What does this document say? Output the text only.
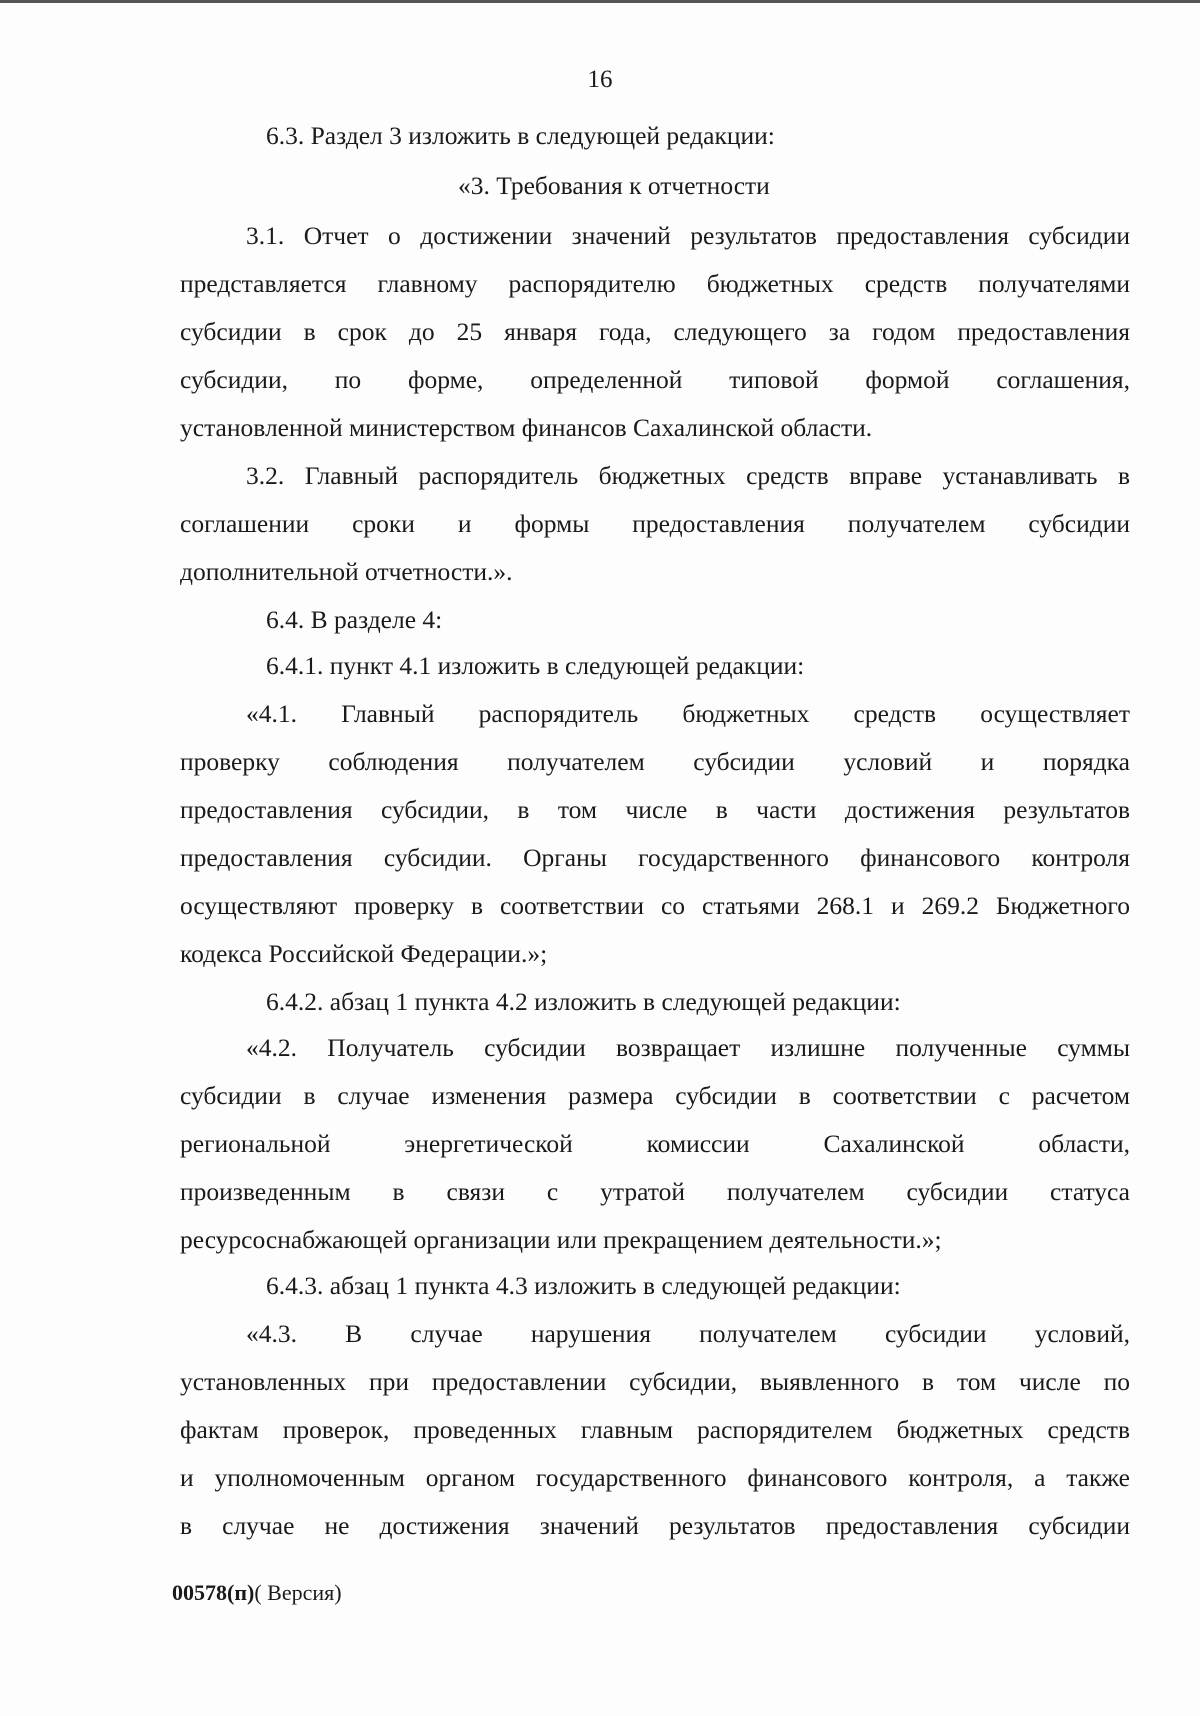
16
6.3. Раздел 3 изложить в следующей редакции:
«3. Требования к отчетности
3.1. Отчет о достижении значений результатов предоставления субсидии
представляется главному распорядителю бюджетных средств получателями
субсидии в срок до 25 января года, следующего за годом предоставления
субсидии, по форме, определенной типовой формой соглашения,
установленной министерством финансов Сахалинской области.
3.2. Главный распорядитель бюджетных средств вправе устанавливать в
соглашении сроки и формы предоставления получателем субсидии
дополнительной отчетности.».
6.4. В разделе 4:
6.4.1. пункт 4.1 изложить в следующей редакции:
«4.1. Главный распорядитель бюджетных средств осуществляет
проверку соблюдения получателем субсидии условий и порядка
предоставления субсидии, в том числе в части достижения результатов
предоставления субсидии. Органы государственного финансового контроля
осуществляют проверку в соответствии со статьями 268.1 и 269.2 Бюджетного
кодекса Российской Федерации.»;
6.4.2. абзац 1 пункта 4.2 изложить в следующей редакции:
«4.2. Получатель субсидии возвращает излишне полученные суммы
субсидии в случае изменения размера субсидии в соответствии с расчетом
региональной энергетической комиссии Сахалинской области,
произведенным в связи с утратой получателем субсидии статуса
ресурсоснабжающей организации или прекращением деятельности.»;
6.4.3. абзац 1 пункта 4.3 изложить в следующей редакции:
«4.3. В случае нарушения получателем субсидии условий,
установленных при предоставлении субсидии, выявленного в том числе по
фактам проверок, проведенных главным распорядителем бюджетных средств
и уполномоченным органом государственного финансового контроля, а также
в случае не достижения значений результатов предоставления субсидии
00578(п)( Версия)
